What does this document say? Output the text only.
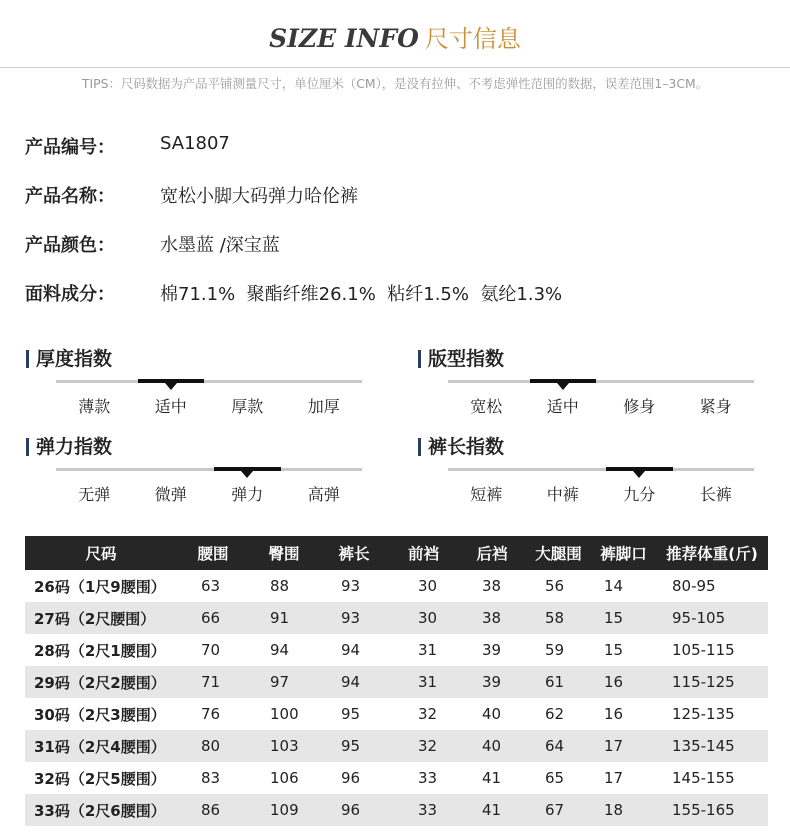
SIZE INFO 尺寸信息
TIPS：尺码数据为产品平铺测量尺寸，单位厘米（CM），是没有拉伸、不考虑弹性范围的数据，误差范围1–3CM。
产品编号：	SA1807
产品名称：	宽松小脚大码弹力哈伦裤
产品颜色：	水墨蓝 /深宝蓝
面料成分：	棉71.1%  聚酯纤维26.1%  粘纤1.5%  氨纶1.3%
厚度指数
薄款	适中	厚款	加厚
版型指数
宽松	适中	修身	紧身
弹力指数
无弹	微弹	弹力	高弹
裤长指数
短裤	中裤	九分	长裤
尺码	腰围	臀围	裤长	前裆	后裆	大腿围	裤脚口	推荐体重(斤)
26码（1尺9腰围）	63	88	93	30	38	56	14	80-95
27码（2尺腰围）	66	91	93	30	38	58	15	95-105
28码（2尺1腰围）	70	94	94	31	39	59	15	105-115
29码（2尺2腰围）	71	97	94	31	39	61	16	115-125
30码（2尺3腰围）	76	100	95	32	40	62	16	125-135
31码（2尺4腰围）	80	103	95	32	40	64	17	135-145
32码（2尺5腰围）	83	106	96	33	41	65	17	145-155
33码（2尺6腰围）	86	109	96	33	41	67	18	155-165
